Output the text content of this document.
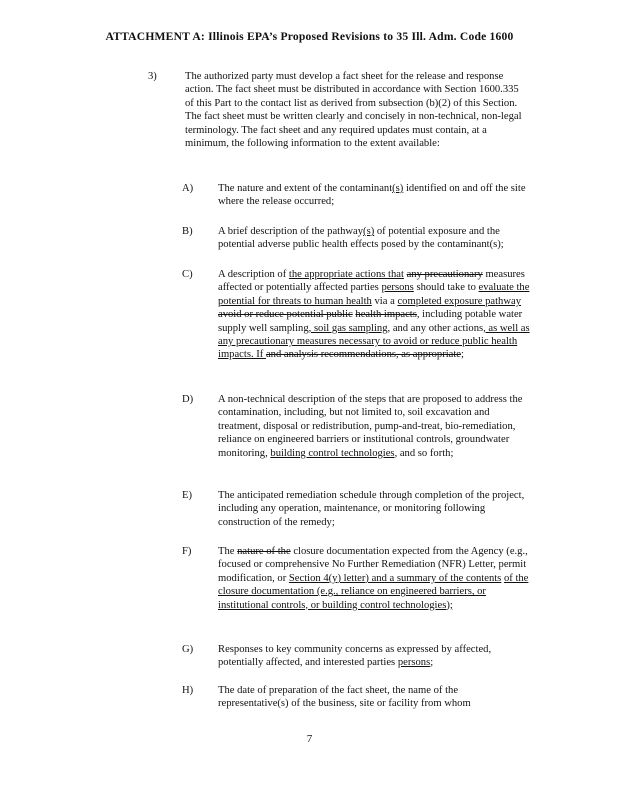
ATTACHMENT A: Illinois EPA’s Proposed Revisions to 35 Ill. Adm. Code 1600
3)	The authorized party must develop a fact sheet for the release and response action. The fact sheet must be distributed in accordance with Section 1600.335 of this Part to the contact list as derived from subsection (b)(2) of this Section. The fact sheet must be written clearly and concisely in non-technical, non-legal terminology. The fact sheet and any required updates must contain, at a minimum, the following information to the extent available:

A) The nature and extent of the contaminant(s) identified on and off the site where the release occurred;

B) A brief description of the pathway(s) of potential exposure and the potential adverse public health effects posed by the contaminant(s);

C) A description of the appropriate actions that any precautionary measures affected or potentially affected parties persons should take to evaluate the potential for threats to human health via a completed exposure pathway avoid or reduce potential public health impacts, including potable water supply well sampling, soil gas sampling, and any other actions, as well as any precautionary measures necessary to avoid or reduce public health impacts. If and analysis recommendations, as appropriate;

D) A non-technical description of the steps that are proposed to address the contamination, including, but not limited to, soil excavation and treatment, disposal or redistribution, pump-and-treat, bio-remediation, reliance on engineered barriers or institutional controls, groundwater monitoring, building control technologies, and so forth;

E) The anticipated remediation schedule through completion of the project, including any operation, maintenance, or monitoring following construction of the remedy;

F)	The nature of the closure documentation expected from the Agency (e.g., focused or comprehensive No Further Remediation (NFR) Letter, permit modification, or Section 4(y) letter) and a summary of the contents of the closure documentation (e.g., reliance on engineered barriers, or institutional controls, or building control technologies);

G) Responses to key community concerns as expressed by affected, potentially affected, and interested parties persons;

H) The date of preparation of the fact sheet, the name of the representative(s) of the business, site or facility from whom

7
